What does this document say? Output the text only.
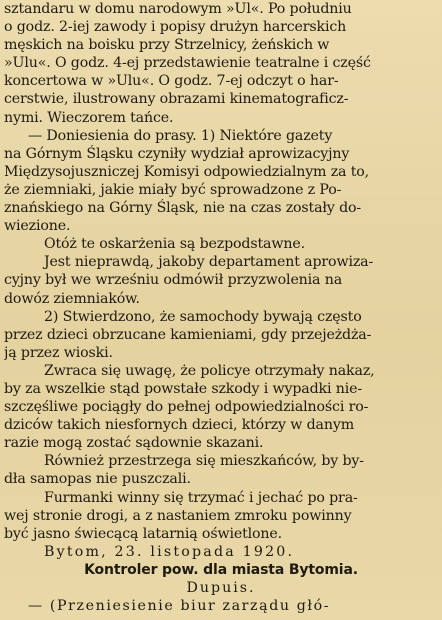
sztandaru w domu narodowym »Ul«. Po południu
o godz. 2-iej zawody i popisy drużyn harcerskich
męskich na boisku przy Strzelnicy, żeńskich w
»Ulu«. O godz. 4-ej przedstawienie teatralne i część
koncertowa w »Ulu«. O godz. 7-ej odczyt o har-
cerstwie, ilustrowany obrazami kinematograficz-
nymi. Wieczorem tańce.
— Doniesienia do prasy. 1) Niektóre gazety
na Górnym Śląsku czyniły wydział aprowizacyjny
Międzysojuszniczej Komisyi odpowiedzialnym za to,
że ziemniaki, jakie miały być sprowadzone z Po-
znańskiego na Górny Śląsk, nie na czas zostały do-
wiezione.
Otóż te oskarżenia są bezpodstawne.
Jest nieprawdą, jakoby departament aprowiza-
cyjny był we wrześniu odmówił przyzwolenia na
dowóz ziemniaków.
2) Stwierdzono, że samochody bywają często
przez dzieci obrzucane kamieniami, gdy przejeżdża-
ją przez wioski.
Zwraca się uwagę, że policye otrzymały nakaz,
by za wszelkie stąd powstałe szkody i wypadki nie-
szczęśliwe pociągły do pełnej odpowiedzialności ro-
dziców takich niesfornych dzieci, którzy w danym
razie mogą zostać sądownie skazani.
Również przestrzega się mieszkańców, by by-
dła samopas nie puszczali.
Furmanki winny się trzymać i jechać po pra-
wej stronie drogi, a z nastaniem zmroku powinny
być jasno świecącą latarnią oświetlone.
Bytom, 23. listopada 1920.
Kontroler pow. dla miasta Bytomia.
Dupuis.
— (Przeniesienie biur zarządu głó-
